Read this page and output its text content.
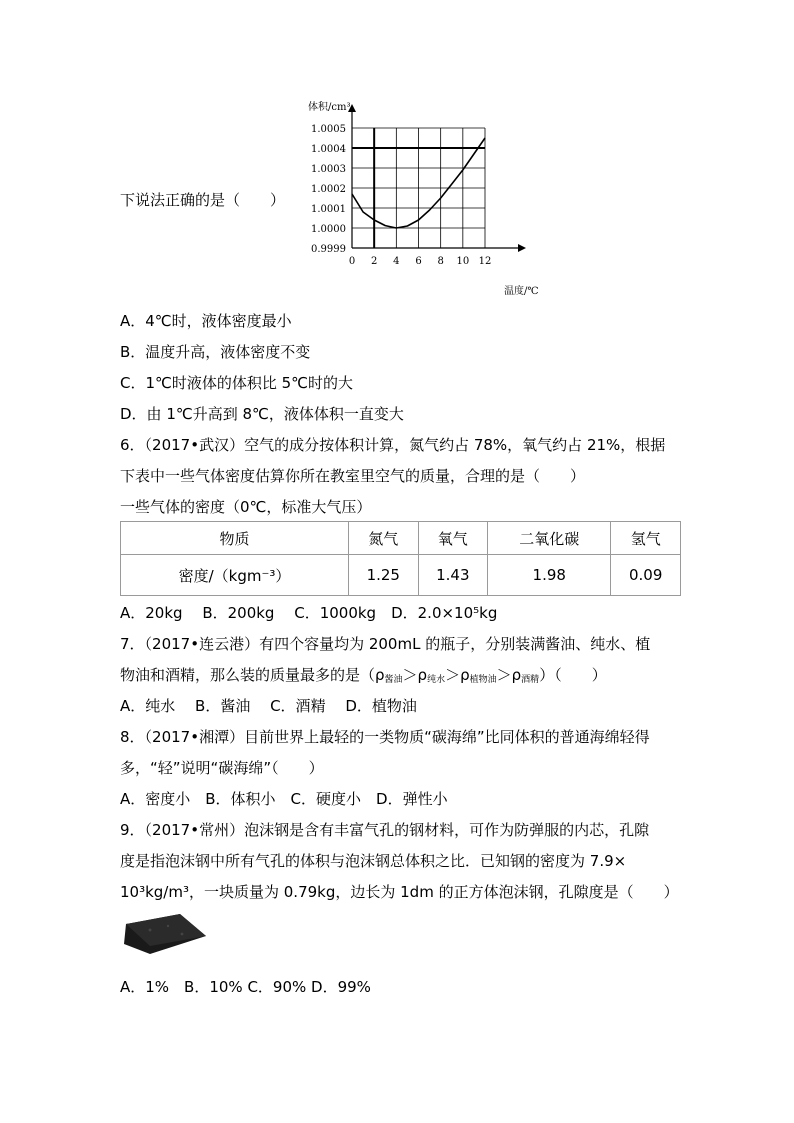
下说法正确的是（　　）
1.0005
1.0004
1.0003
1.0002
1.0001
1.0000
0.9999
0 2 4 6 8 10 12
体积/cm³
温度/℃
A．4℃时，液体密度最小
B．温度升高，液体密度不变
C．1℃时液体的体积比 5℃时的大
D．由 1℃升高到 8℃，液体体积一直变大
6．（2017•武汉）空气的成分按体积计算，氮气约占 78%，氧气约占 21%，根据
下表中一些气体密度估算你所在教室里空气的质量，合理的是（　　）
一些气体的密度（0℃，标准大气压）
物质	氮气	氧气	二氧化碳	氢气
密度/（kgm⁻³）	1.25	1.43	1.98	0.09
A．20kg　 B．200kg　 C．1000kg　D．2.0×10⁵kg
7．（2017•连云港）有四个容量均为 200mL 的瓶子，分别装满酱油、纯水、植
物油和酒精，那么装的质量最多的是$(\rho_{酱油}>\rho_{纯水}>\rho_{植物油}>\rho_{酒精})$（　　）
A．纯水　 B．酱油　 C．酒精　 D．植物油
8．（2017•湘潭）目前世界上最轻的一类物质“碳海绵”比同体积的普通海绵轻得
多，“轻”说明“碳海绵”（　　）
A．密度小　B．体积小　C．硬度小　D．弹性小
9．（2017•常州）泡沫钢是含有丰富气孔的钢材料，可作为防弹服的内芯，孔隙
度是指泡沫钢中所有气孔的体积与泡沫钢总体积之比．已知钢的密度为 7.9×
10³kg/m³，一块质量为 0.79kg，边长为 1dm 的正方体泡沫钢，孔隙度是（　　）
A．1%　B．10% C．90% D．99%
